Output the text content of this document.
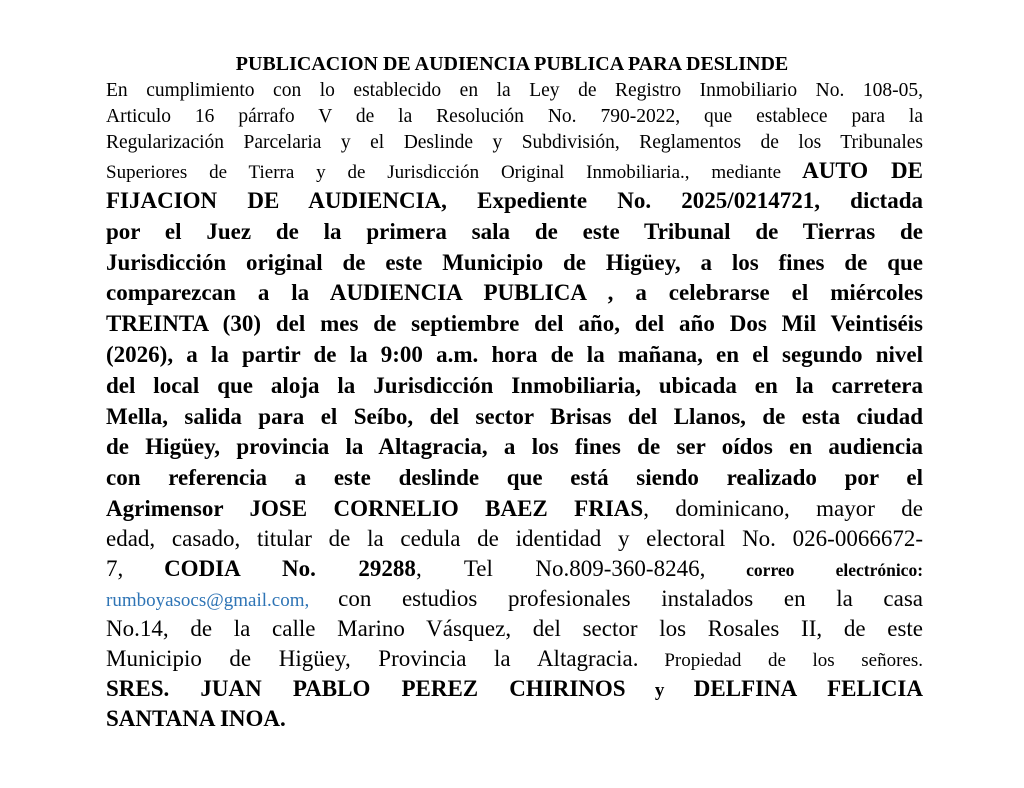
PUBLICACION DE AUDIENCIA PUBLICA PARA DESLINDE
En cumplimiento con lo establecido en la Ley de Registro Inmobiliario No. 108-05,
Articulo 16 párrafo V de la Resolución No. 790-2022, que establece para la
Regularización Parcelaria y el Deslinde y Subdivisión, Reglamentos de los Tribunales
Superiores de Tierra y de Jurisdicción Original Inmobiliaria., mediante AUTO DE
FIJACION DE AUDIENCIA, Expediente No. 2025/0214721, dictada
por el Juez de la primera sala de este Tribunal de Tierras de
Jurisdicción original de este Municipio de Higüey, a los fines de que
comparezcan a la AUDIENCIA PUBLICA , a celebrarse el miércoles
TREINTA (30) del mes de septiembre del año, del año Dos Mil Veintiséis
(2026), a la partir de la 9:00 a.m. hora de la mañana, en el segundo nivel
del local que aloja la Jurisdicción Inmobiliaria, ubicada en la carretera
Mella, salida para el Seíbo, del sector Brisas del Llanos, de esta ciudad
de Higüey, provincia la Altagracia, a los fines de ser oídos en audiencia
con referencia a este deslinde que está siendo realizado por el
Agrimensor JOSE CORNELIO BAEZ FRIAS, dominicano, mayor de
edad, casado, titular de la cedula de identidad y electoral No. 026-0066672-
7, CODIA No. 29288, Tel No.809-360-8246, correo electrónico:
rumboyasocs@gmail.com, con estudios profesionales instalados en la casa
No.14, de la calle Marino Vásquez, del sector los Rosales II, de este
Municipio de Higüey, Provincia la Altagracia. Propiedad de los señores.
SRES. JUAN PABLO PEREZ CHIRINOS y DELFINA FELICIA
SANTANA INOA.
